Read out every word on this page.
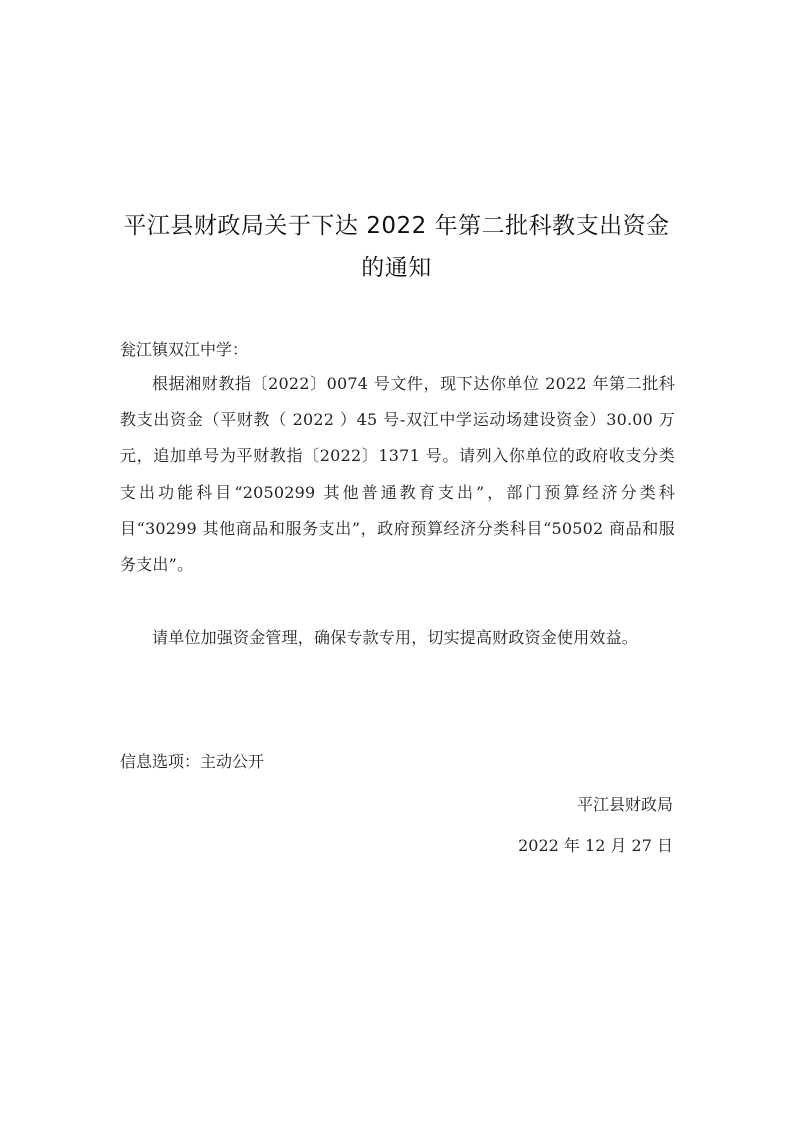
平江县财政局关于下达 2022 年第二批科教支出资金
的通知
瓮江镇双江中学：
根据湘财教指〔2022〕0074 号文件，现下达你单位 2022 年第二批科教支出资金（平财教（ 2022 ）45 号-双江中学运动场建设资金）30.00 万元，追加单号为平财教指〔2022〕1371 号。请列入你单位的政府收支分类支出功能科目“2050299 其他普通教育支出”，部门预算经济分类科目“30299 其他商品和服务支出”，政府预算经济分类科目“50502 商品和服务支出”。
请单位加强资金管理，确保专款专用，切实提高财政资金使用效益。
信息选项：主动公开
平江县财政局
2022 年 12 月 27 日
